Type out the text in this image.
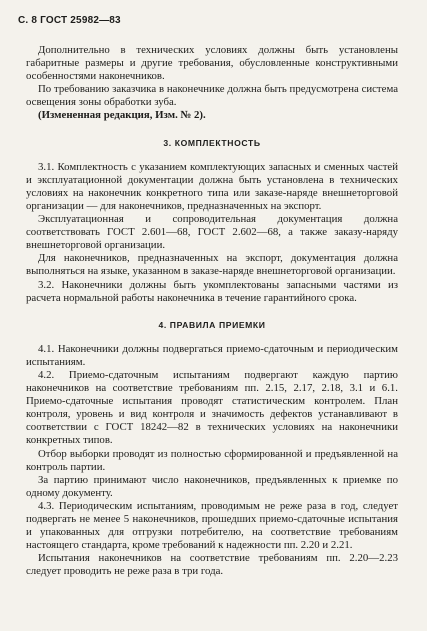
С. 8 ГОСТ 25982—83

Дополнительно в технических условиях должны быть установлены габаритные размеры и другие требования, обусловленные конструктивными особенностями наконечников.

По требованию заказчика в наконечнике должна быть предусмотрена система освещения зоны обработки зуба.

(Измененная редакция, Изм. № 2).

3. КОМПЛЕКТНОСТЬ

3.1. Комплектность с указанием комплектующих запасных и сменных частей и эксплуатационной документации должна быть установлена в технических условиях на наконечник конкретного типа или заказе-наряде внешнеторговой организации — для наконечников, предназначенных на экспорт.

Эксплуатационная и сопроводительная документация должна соответствовать ГОСТ 2.601—68, ГОСТ 2.602—68, а также заказу-наряду внешнеторговой организации.

Для наконечников, предназначенных на экспорт, документация должна выполняться на языке, указанном в заказе-наряде внешнеторговой организации.

3.2. Наконечники должны быть укомплектованы запасными частями из расчета нормальной работы наконечника в течение гарантийного срока.

4. ПРАВИЛА ПРИЕМКИ

4.1. Наконечники должны подвергаться приемо-сдаточным и периодическим испытаниям.

4.2. Приемо-сдаточным испытаниям подвергают каждую партию наконечников на соответствие требованиям пп. 2.15, 2.17, 2.18, 3.1 и 6.1. Приемо-сдаточные испытания проводят статистическим контролем. План контроля, уровень и вид контроля и значимость дефектов устанавливают в соответствии с ГОСТ 18242—82 в технических условиях на наконечники конкретных типов.

Отбор выборки проводят из полностью сформированной и предъявленной на контроль партии.

За партию принимают число наконечников, предъявленных к приемке по одному документу.

4.3. Периодическим испытаниям, проводимым не реже раза в год, следует подвергать не менее 5 наконечников, прошедших приемо-сдаточные испытания и упакованных для отгрузки потребителю, на соответствие требованиям настоящего стандарта, кроме требований к надежности пп. 2.20 и 2.21.

Испытания наконечников на соответствие требованиям пп. 2.20—2.23 следует проводить не реже раза в три года.
